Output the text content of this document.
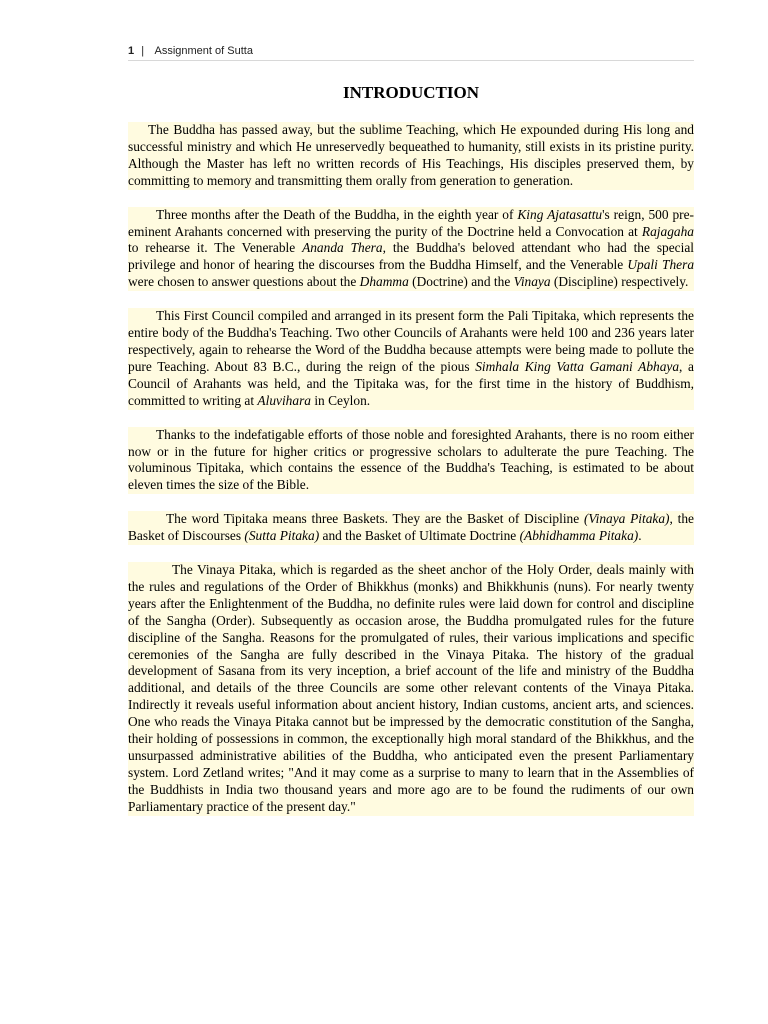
1 | Assignment of Sutta
INTRODUCTION

The Buddha has passed away, but the sublime Teaching, which He expounded during His long and successful ministry and which He unreservedly bequeathed to humanity, still exists in its pristine purity. Although the Master has left no written records of His Teachings, His disciples preserved them, by committing to memory and transmitting them orally from generation to generation.

Three months after the Death of the Buddha, in the eighth year of King Ajatasattu's reign, 500 pre-eminent Arahants concerned with preserving the purity of the Doctrine held a Convocation at Rajagaha to rehearse it. The Venerable Ananda Thera, the Buddha's beloved attendant who had the special privilege and honor of hearing the discourses from the Buddha Himself, and the Venerable Upali Thera were chosen to answer questions about the Dhamma (Doctrine) and the Vinaya (Discipline) respectively.

This First Council compiled and arranged in its present form the Pali Tipitaka, which represents the entire body of the Buddha's Teaching. Two other Councils of Arahants were held 100 and 236 years later respectively, again to rehearse the Word of the Buddha because attempts were being made to pollute the pure Teaching. About 83 B.C., during the reign of the pious Simhala King Vatta Gamani Abhaya, a Council of Arahants was held, and the Tipitaka was, for the first time in the history of Buddhism, committed to writing at Aluvihara in Ceylon.

Thanks to the indefatigable efforts of those noble and foresighted Arahants, there is no room either now or in the future for higher critics or progressive scholars to adulterate the pure Teaching. The voluminous Tipitaka, which contains the essence of the Buddha's Teaching, is estimated to be about eleven times the size of the Bible.

The word Tipitaka means three Baskets. They are the Basket of Discipline (Vinaya Pitaka), the Basket of Discourses (Sutta Pitaka) and the Basket of Ultimate Doctrine (Abhidhamma Pitaka).

The Vinaya Pitaka, which is regarded as the sheet anchor of the Holy Order, deals mainly with the rules and regulations of the Order of Bhikkhus (monks) and Bhikkhunis (nuns). For nearly twenty years after the Enlightenment of the Buddha, no definite rules were laid down for control and discipline of the Sangha (Order). Subsequently as occasion arose, the Buddha promulgated rules for the future discipline of the Sangha. Reasons for the promulgated of rules, their various implications and specific ceremonies of the Sangha are fully described in the Vinaya Pitaka. The history of the gradual development of Sasana from its very inception, a brief account of the life and ministry of the Buddha additional, and details of the three Councils are some other relevant contents of the Vinaya Pitaka. Indirectly it reveals useful information about ancient history, Indian customs, ancient arts, and sciences. One who reads the Vinaya Pitaka cannot but be impressed by the democratic constitution of the Sangha, their holding of possessions in common, the exceptionally high moral standard of the Bhikkhus, and the unsurpassed administrative abilities of the Buddha, who anticipated even the present Parliamentary system. Lord Zetland writes; "And it may come as a surprise to many to learn that in the Assemblies of the Buddhists in India two thousand years and more ago are to be found the rudiments of our own Parliamentary practice of the present day."
